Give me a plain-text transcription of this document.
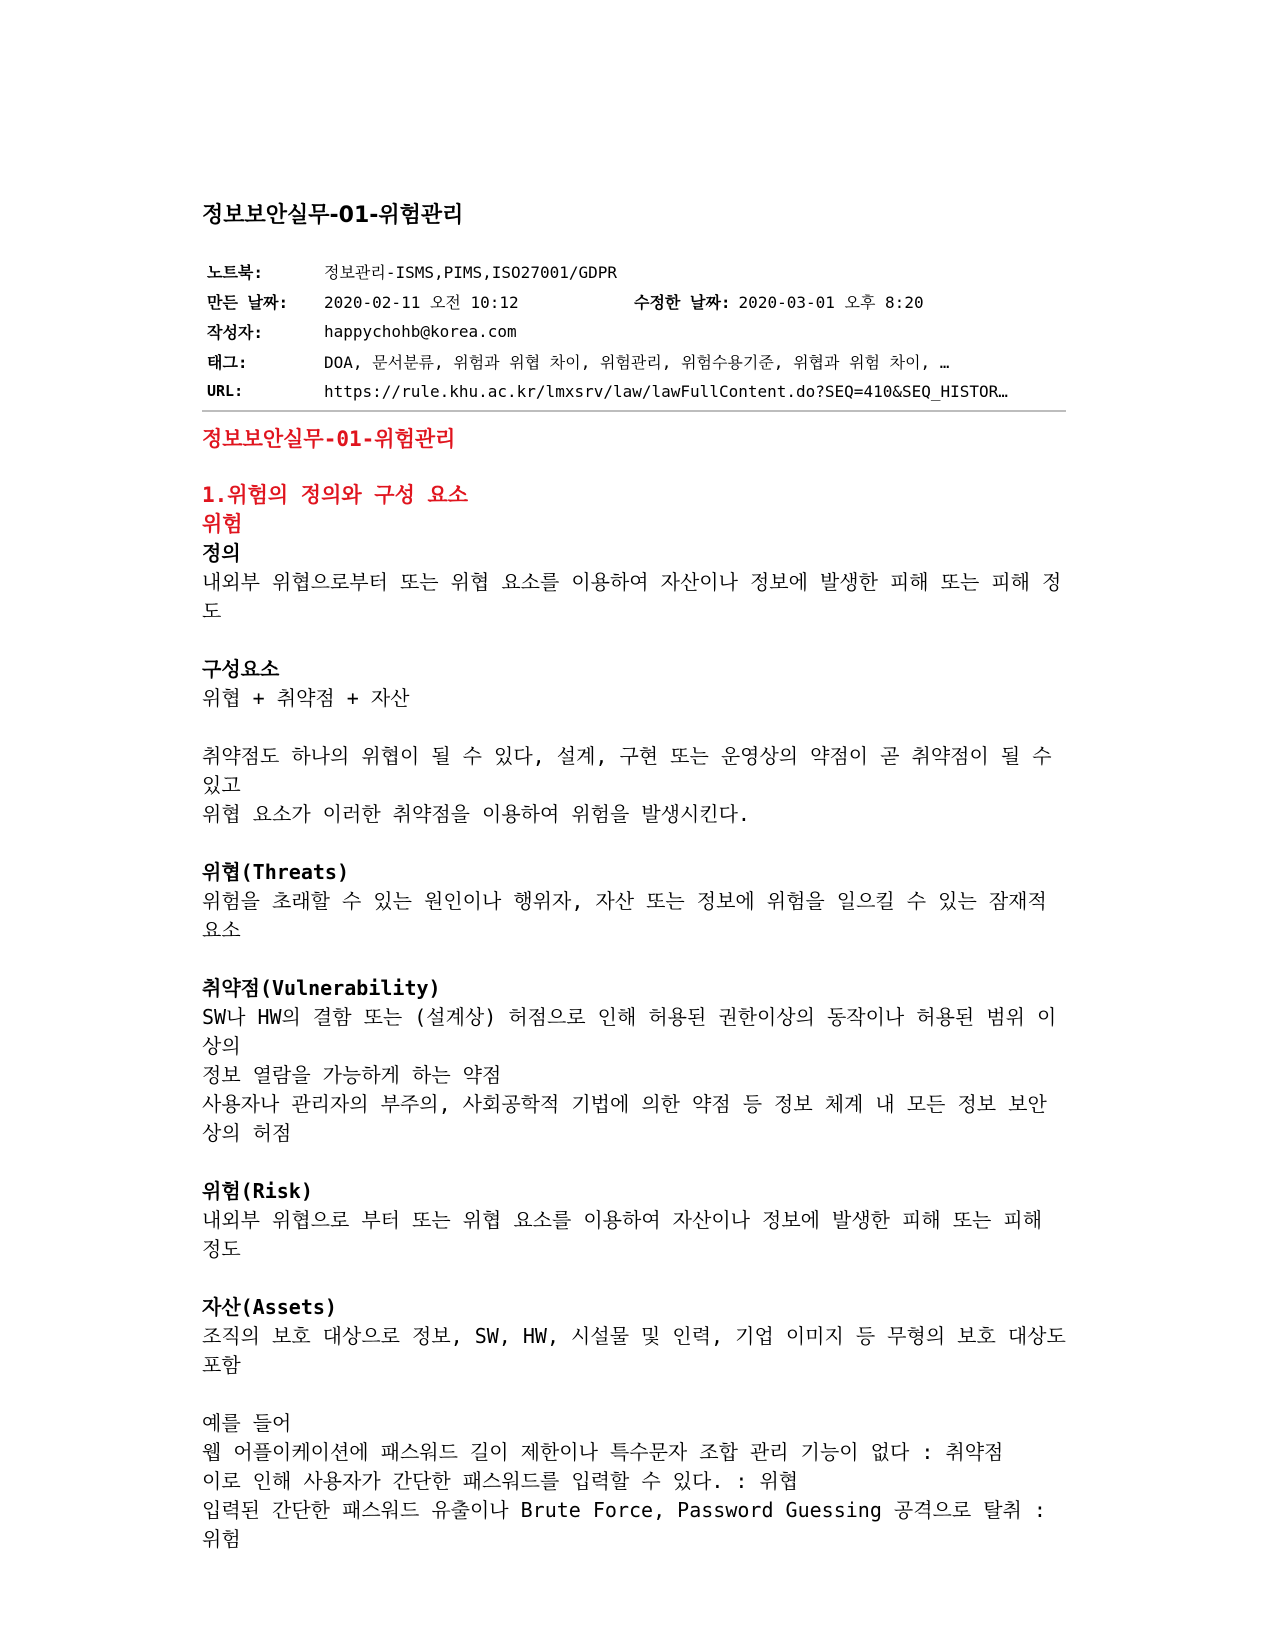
정보보안실무-01-위험관리
노트북:	정보관리-ISMS,PIMS,ISO27001/GDPR
만든 날짜:	2020-02-11 오전 10:12	수정한 날짜: 2020-03-01 오후 8:20
작성자:	happychohb@korea.com
태그:	DOA, 문서분류, 위험과 위협 차이, 위험관리, 위험수용기준, 위협과 위험 차이, …
URL:	https://rule.khu.ac.kr/lmxsrv/law/lawFullContent.do?SEQ=410&SEQ_HISTOR…
정보보안실무-01-위험관리
1.위험의 정의와 구성 요소
위험
정의

내외부 위협으로부터 또는 위협 요소를 이용하여 자산이나 정보에 발생한 피해 또는 피해 정도

구성요소

위협 + 취약점 + 자산

취약점도 하나의 위협이 될 수 있다, 설계, 구현 또는 운영상의 약점이 곧 취약점이 될 수 있고

위협 요소가 이러한 취약점을 이용하여 위험을 발생시킨다.

위협(Threats)

위험을 초래할 수 있는 원인이나 행위자, 자산 또는 정보에 위험을 일으킬 수 있는 잠재적 요소

취약점(Vulnerability)

SW나 HW의 결함 또는 (설계상) 허점으로 인해 허용된 권한이상의 동작이나 허용된 범위 이상의

정보 열람을 가능하게 하는 약점

사용자나 관리자의 부주의, 사회공학적 기법에 의한 약점 등 정보 체계 내 모든 정보 보안상의 허점

위험(Risk)

내외부 위협으로 부터 또는 위협 요소를 이용하여 자산이나 정보에 발생한 피해 또는 피해 정도

자산(Assets)

조직의 보호 대상으로 정보, SW, HW, 시설물 및 인력, 기업 이미지 등 무형의 보호 대상도 포함

예를 들어

웹 어플이케이션에 패스워드 길이 제한이나 특수문자 조합 관리 기능이 없다 : 취약점

이로 인해 사용자가 간단한 패스워드를 입력할 수 있다. : 위협

입력된 간단한 패스워드 유출이나 Brute Force, Password Guessing 공격으로 탈취 : 위험
